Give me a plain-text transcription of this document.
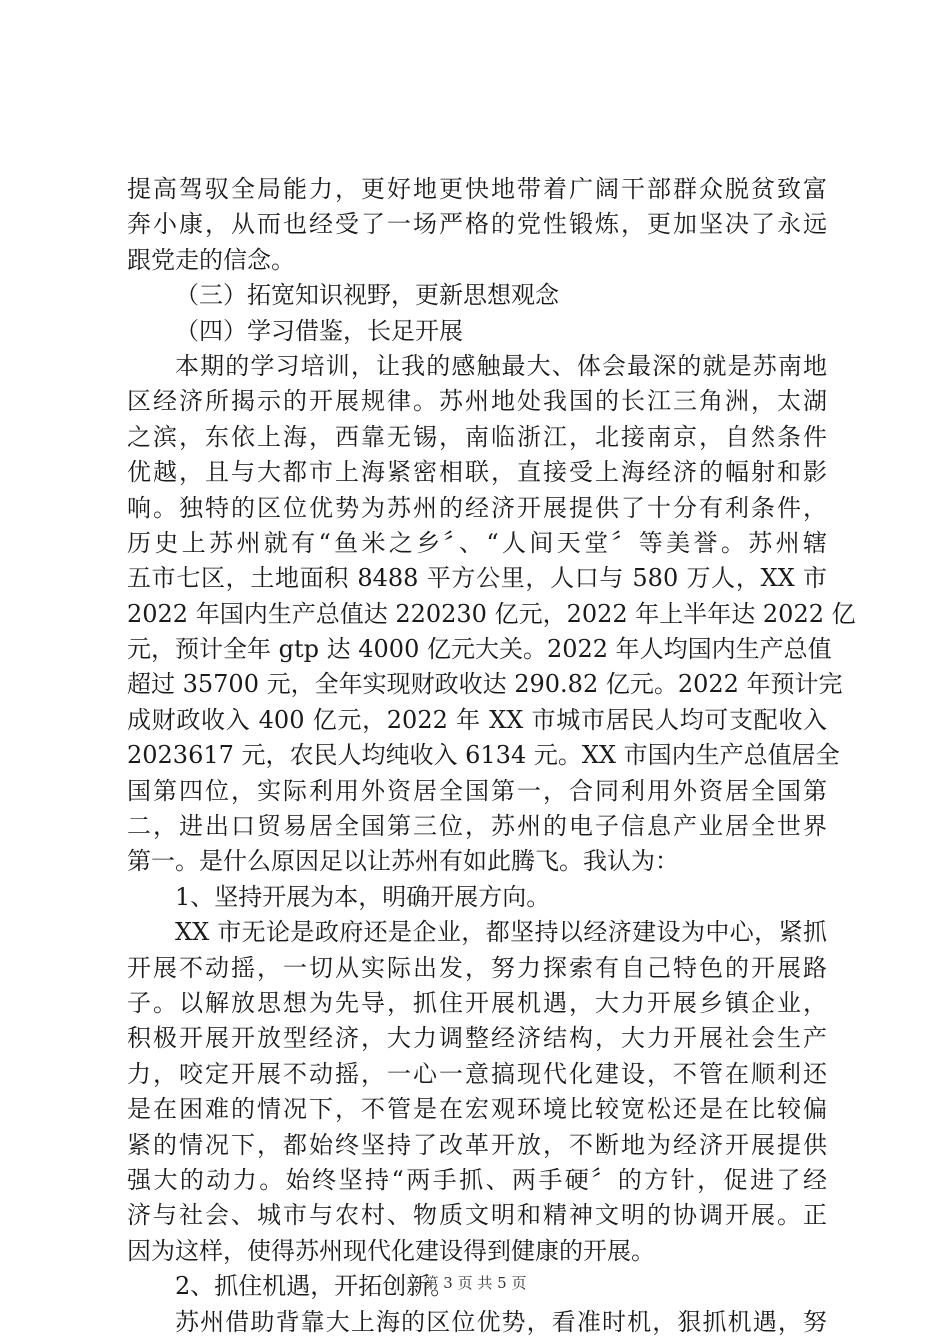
提高驾驭全局能力，更好地更快地带着广阔干部群众脱贫致富
奔小康，从而也经受了一场严格的党性锻炼，更加坚决了永远
跟党走的信念。
（三）拓宽知识视野，更新思想观念
（四）学习借鉴，长足开展
本期的学习培训，让我的感触最大、体会最深的就是苏南地
区经济所揭示的开展规律。苏州地处我国的长江三角洲，太湖
之滨，东依上海，西靠无锡，南临浙江，北接南京，自然条件
优越，且与大都市上海紧密相联，直接受上海经济的幅射和影
响。独特的区位优势为苏州的经济开展提供了十分有利条件，
历史上苏州就有“鱼米之乡〞、“人间天堂〞等美誉。苏州辖
五市七区，土地面积 8488 平方公里，人口与 580 万人，XX 市
2022 年国内生产总值达 220230 亿元，2022 年上半年达 2022 亿
元，预计全年 gtp 达 4000 亿元大关。2022 年人均国内生产总值
超过 35700 元，全年实现财政收达 290.82 亿元。2022 年预计完
成财政收入 400 亿元，2022 年 XX 市城市居民人均可支配收入
2023617 元，农民人均纯收入 6134 元。XX 市国内生产总值居全
国第四位，实际利用外资居全国第一，合同利用外资居全国第
二，进出口贸易居全国第三位，苏州的电子信息产业居全世界
第一。是什么原因足以让苏州有如此腾飞。我认为：
1、坚持开展为本，明确开展方向。
XX 市无论是政府还是企业，都坚持以经济建设为中心，紧抓
开展不动摇，一切从实际出发，努力探索有自己特色的开展路
子。以解放思想为先导，抓住开展机遇，大力开展乡镇企业，
积极开展开放型经济，大力调整经济结构，大力开展社会生产
力，咬定开展不动摇，一心一意搞现代化建设，不管在顺利还
是在困难的情况下，不管是在宏观环境比较宽松还是在比较偏
紧的情况下，都始终坚持了改革开放，不断地为经济开展提供
强大的动力。始终坚持“两手抓、两手硬〞的方针，促进了经
济与社会、城市与农村、物质文明和精神文明的协调开展。正
因为这样，使得苏州现代化建设得到健康的开展。
2、抓住机遇，开拓创新。
苏州借助背靠大上海的区位优势，看准时机，狠抓机遇，努
第 3 页 共 5 页
